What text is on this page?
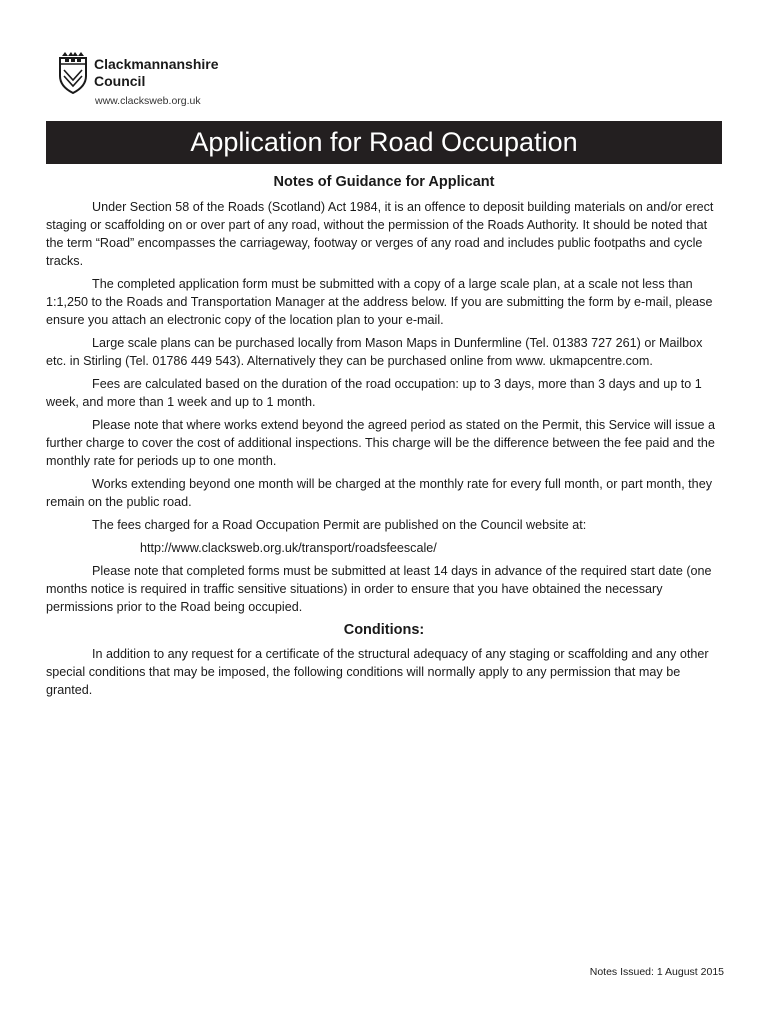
Clackmannanshire
Council
www.clacksweb.org.uk
Application for Road Occupation
Notes of Guidance for Applicant

Under Section 58 of the Roads (Scotland) Act 1984, it is an offence to deposit building materials on and/or erect staging or scaffolding on or over part of any road, without the permission of the Roads Authority. It should be noted that the term “Road” encompasses the carriageway, footway or verges of any road and includes public footpaths and cycle tracks.

The completed application form must be submitted with a copy of a large scale plan, at a scale not less than 1:1,250 to the Roads and Transportation Manager at the address below. If you are submitting the form by e-mail, please ensure you attach an electronic copy of the location plan to your e-mail.

Large scale plans can be purchased locally from Mason Maps in Dunfermline (Tel. 01383 727 261) or Mailbox etc. in Stirling (Tel. 01786 449 543). Alternatively they can be purchased online from www. ukmapcentre.com.

Fees are calculated based on the duration of the road occupation: up to 3 days, more than 3 days and up to 1 week, and more than 1 week and up to 1 month.

Please note that where works extend beyond the agreed period as stated on the Permit, this Service will issue a further charge to cover the cost of additional inspections. This charge will be the difference between the fee paid and the monthly rate for periods up to one month.

Works extending beyond one month will be charged at the monthly rate for every full month, or part month, they remain on the public road.

The fees charged for a Road Occupation Permit are published on the Council website at:

http://www.clacksweb.org.uk/transport/roadsfeescale/

Please note that completed forms must be submitted at least 14 days in advance of the required start date (one months notice is required in traffic sensitive situations) in order to ensure that you have obtained the necessary permissions prior to the Road being occupied.

Conditions:

In addition to any request for a certificate of the structural adequacy of any staging or scaffolding and any other special conditions that may be imposed, the following conditions will normally apply to any permission that may be granted.

Notes Issued: 1 August 2015
